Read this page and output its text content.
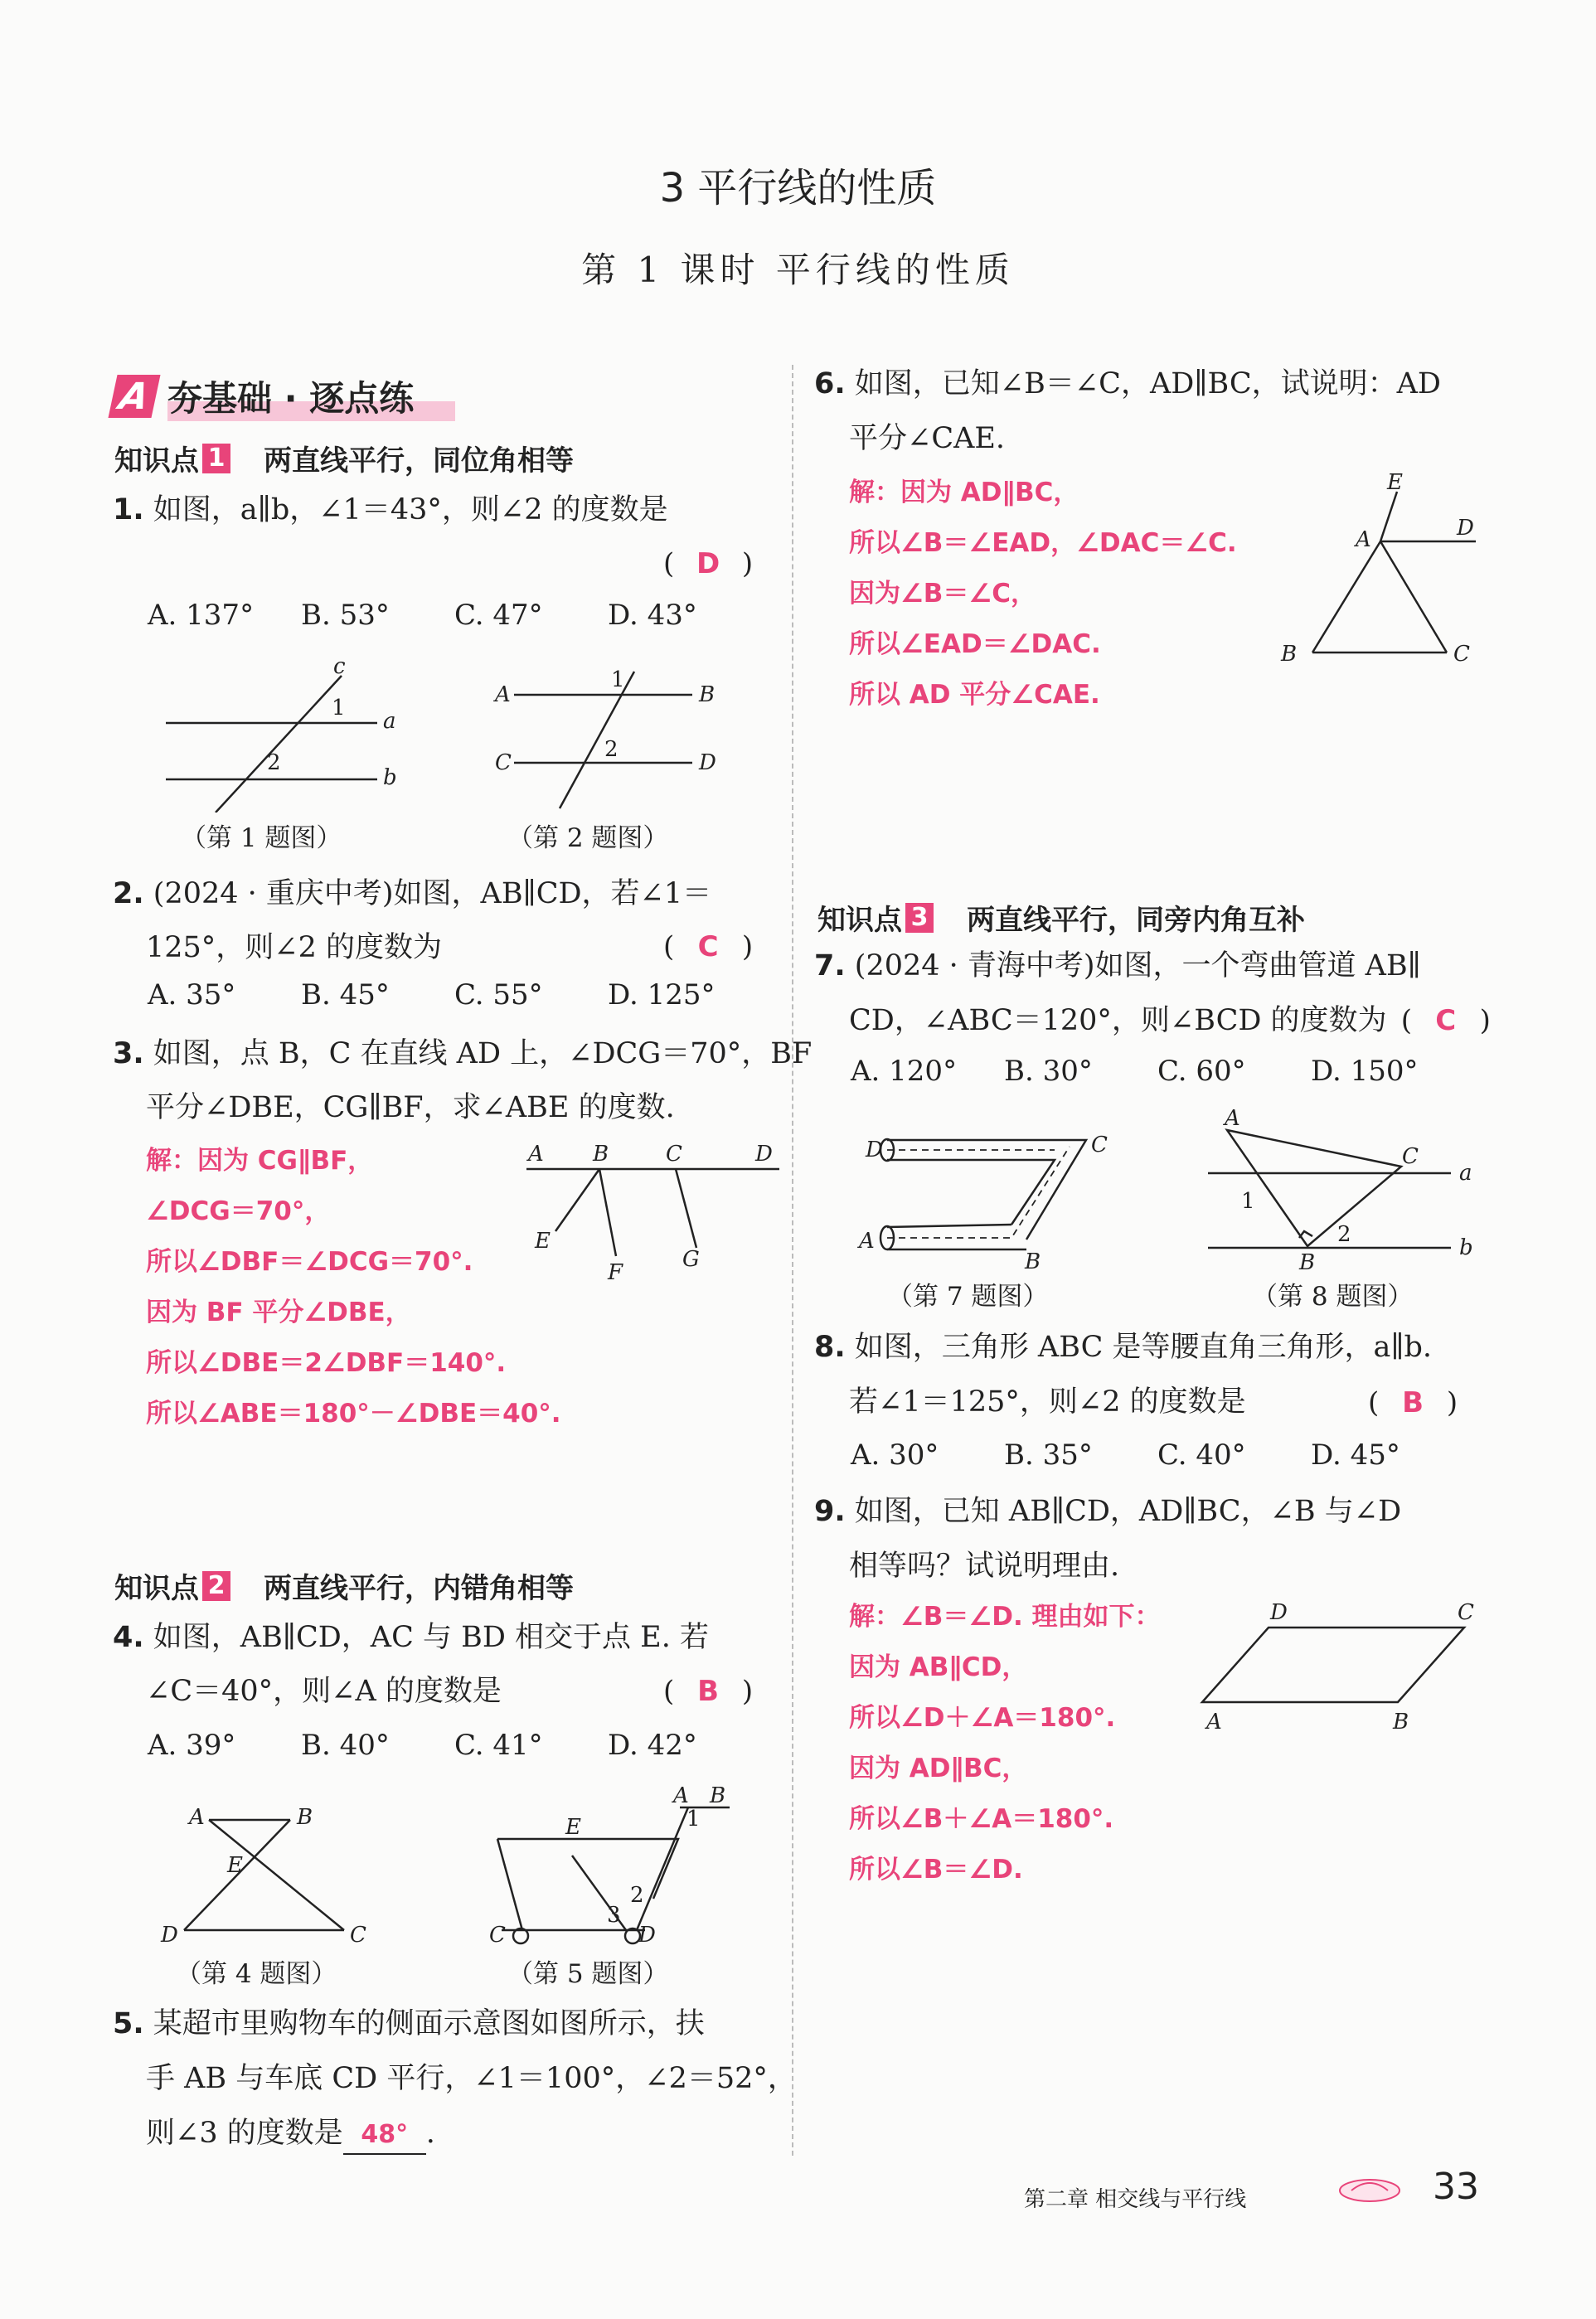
3 平行线的性质
第 1 课时 平行线的性质
A 夯基础 · 逐点练
知识点 1 两直线平行，同位角相等
1. 如图，a∥b，∠1＝43°，则∠2 的度数是
( D )
A. 137°	B. 53°	C. 47°	D. 43°
c
a
b
1
2
（第 1 题图）
A	B
C	D
1
2
（第 2 题图）
2. (2024 · 重庆中考)如图，AB∥CD，若∠1＝
125°，则∠2 的度数为	( C )
A. 35°	B. 45°	C. 55°	D. 125°
3. 如图，点 B，C 在直线 AD 上，∠DCG＝70°，BF
平分∠DBE，CG∥BF，求∠ABE 的度数.
解：因为 CG∥BF，
∠DCG＝70°，
所以∠DBF＝∠DCG＝70°.
因为 BF 平分∠DBE，
所以∠DBE＝2∠DBF＝140°.
所以∠ABE＝180°－∠DBE＝40°.
A B	C	D
E
F
G
知识点 2 两直线平行，内错角相等
4. 如图，AB∥CD，AC 与 BD 相交于点 E. 若
∠C＝40°，则∠A 的度数是	( B )
A. 39°	B. 40°	C. 41°	D. 42°
A	B
E
D	C
（第 4 题图）
A B
E
C	D
1
2
3
（第 5 题图）
5. 某超市里购物车的侧面示意图如图所示，扶
手 AB 与车底 CD 平行，∠1＝100°，∠2＝52°，
则∠3 的度数是 48° .
6. 如图，已知∠B＝∠C，AD∥BC，试说明：AD
平分∠CAE.
解：因为 AD∥BC，
所以∠B＝∠EAD，∠DAC＝∠C.
因为∠B＝∠C，
所以∠EAD＝∠DAC.
所以 AD 平分∠CAE.
E
D
A
B	C
知识点 3 两直线平行，同旁内角互补
7. (2024 · 青海中考)如图，一个弯曲管道 AB∥
CD，∠ABC＝120°，则∠BCD 的度数为 ( C )
A. 120°	B. 30°	C. 60°	D. 150°
D	C
A
B
（第 7 题图）
A
C
a
B
b
1
2
（第 8 题图）
8. 如图，三角形 ABC 是等腰直角三角形，a∥b.
若∠1＝125°，则∠2 的度数是	( B )
A. 30°	B. 35°	C. 40°	D. 45°
9. 如图，已知 AB∥CD，AD∥BC，∠B 与∠D
相等吗？试说明理由.
解：∠B＝∠D. 理由如下：
因为 AB∥CD，
所以∠D＋∠A＝180°.
因为 AD∥BC，
所以∠B＋∠A＝180°.
所以∠B＝∠D.
D	C
A	B
第二章 相交线与平行线	33
